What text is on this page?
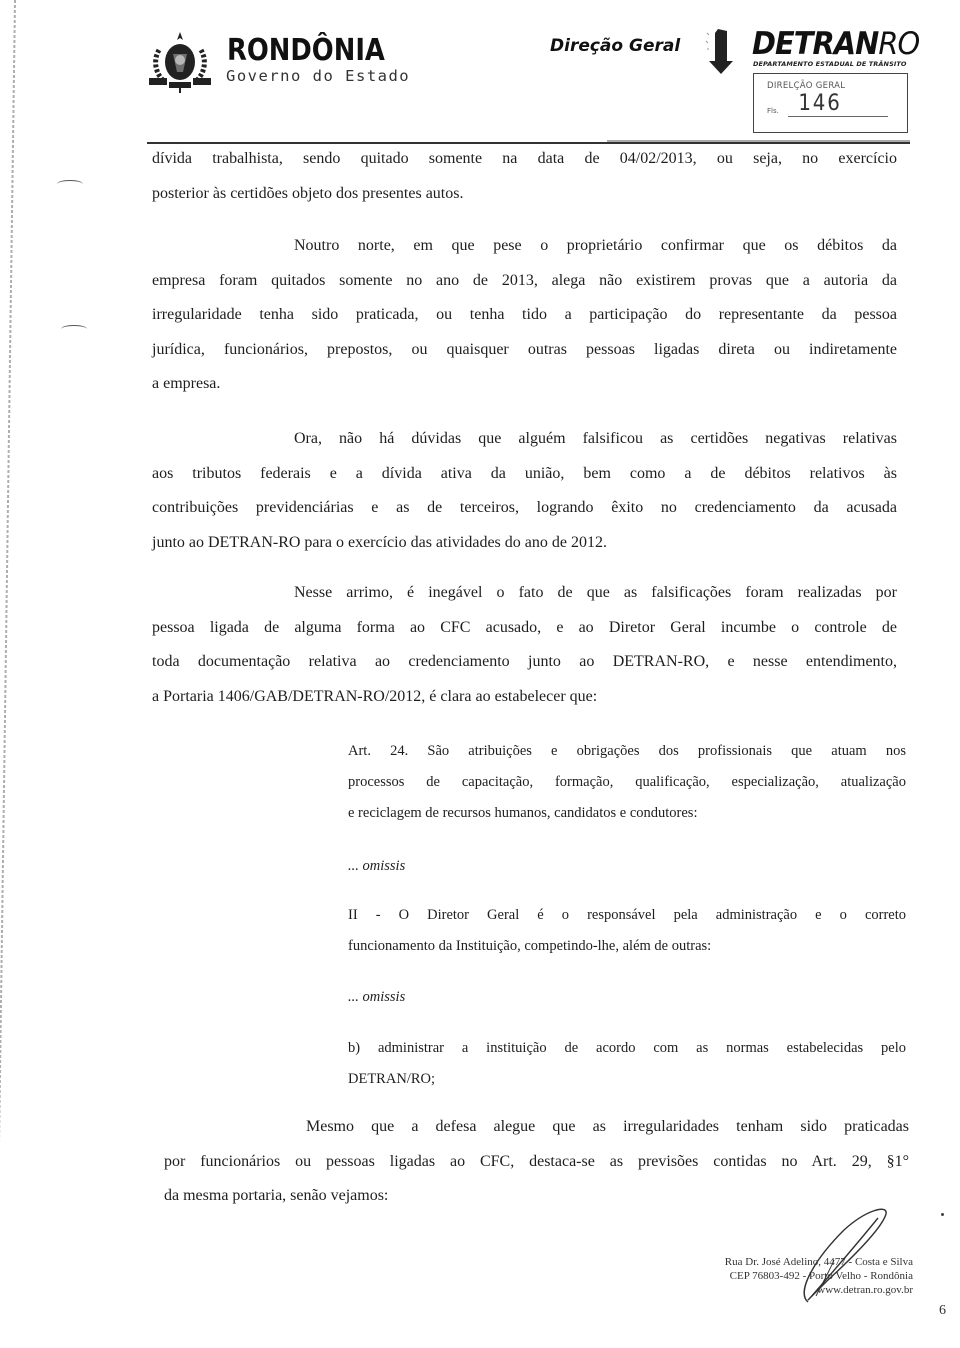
RONDÔNIA
Governo do Estado
Direção Geral DETRANRO
DEPARTAMENTO ESTADUAL DE TRÂNSITO
DIRELÇÃO GERAL
Fls. 146
dívida trabalhista, sendo quitado somente na data de 04/02/2013, ou seja, no exercício
posterior às certidões objeto dos presentes autos.
Noutro norte, em que pese o proprietário confirmar que os débitos da
empresa foram quitados somente no ano de 2013, alega não existirem provas que a autoria da
irregularidade tenha sido praticada, ou tenha tido a participação do representante da pessoa
jurídica, funcionários, prepostos, ou quaisquer outras pessoas ligadas direta ou indiretamente
a empresa.
Ora, não há dúvidas que alguém falsificou as certidões negativas relativas
aos tributos federais e a dívida ativa da união, bem como a de débitos relativos às
contribuições previdenciárias e as de terceiros, logrando êxito no credenciamento da acusada
junto ao DETRAN-RO para o exercício das atividades do ano de 2012.
Nesse arrimo, é inegável o fato de que as falsificações foram realizadas por
pessoa ligada de alguma forma ao CFC acusado, e ao Diretor Geral incumbe o controle de
toda documentação relativa ao credenciamento junto ao DETRAN-RO, e nesse entendimento,
a Portaria 1406/GAB/DETRAN-RO/2012, é clara ao estabelecer que:
Art. 24. São atribuições e obrigações dos profissionais que atuam nos
processos de capacitação, formação, qualificação, especialização, atualização
e reciclagem de recursos humanos, candidatos e condutores:
... omissis
II - O Diretor Geral é o responsável pela administração e o correto
funcionamento da Instituição, competindo-lhe, além de outras:
... omissis
b) administrar a instituição de acordo com as normas estabelecidas pelo
DETRAN/RO;
Mesmo que a defesa alegue que as irregularidades tenham sido praticadas
por funcionários ou pessoas ligadas ao CFC, destaca-se as previsões contidas no Art. 29, §1°
da mesma portaria, senão vejamos:
Rua Dr. José Adelino, 4477 - Costa e Silva
CEP 76803-492 - Porto Velho - Rondônia
www.detran.ro.gov.br
6
